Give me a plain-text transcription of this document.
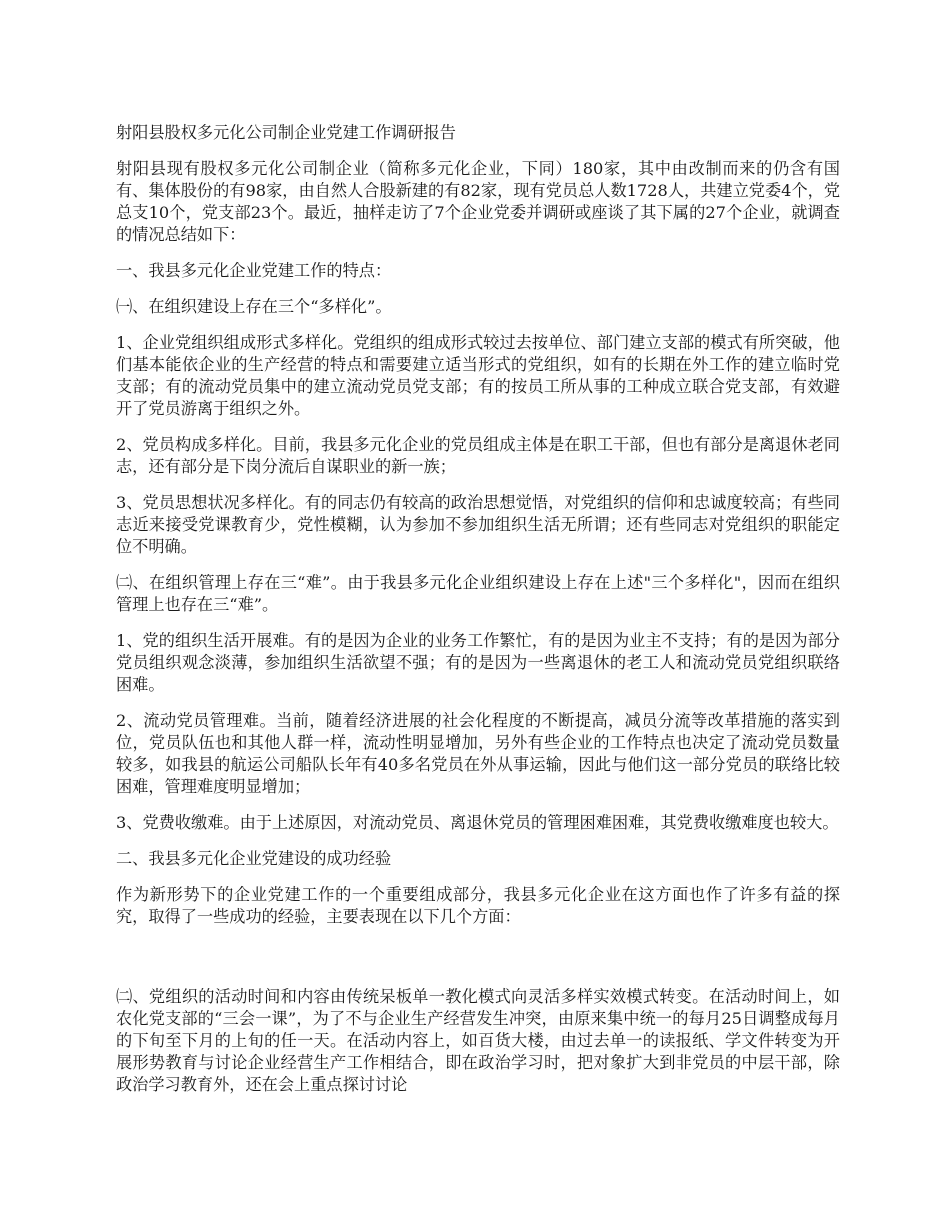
射阳县股权多元化公司制企业党建工作调研报告

射阳县现有股权多元化公司制企业（简称多元化企业，下同）180家，其中由改制而来的仍含有国有、集体股份的有98家，由自然人合股新建的有82家，现有党员总人数1728人，共建立党委4个，党总支10个，党支部23个。最近，抽样走访了7个企业党委并调研或座谈了其下属的27个企业，就调查的情况总结如下：

一、我县多元化企业党建工作的特点：

㈠、在组织建设上存在三个“多样化”。

1、企业党组织组成形式多样化。党组织的组成形式较过去按单位、部门建立支部的模式有所突破，他们基本能依企业的生产经营的特点和需要建立适当形式的党组织，如有的长期在外工作的建立临时党支部；有的流动党员集中的建立流动党员党支部；有的按员工所从事的工种成立联合党支部，有效避开了党员游离于组织之外。

2、党员构成多样化。目前，我县多元化企业的党员组成主体是在职工干部，但也有部分是离退休老同志，还有部分是下岗分流后自谋职业的新一族；

3、党员思想状况多样化。有的同志仍有较高的政治思想觉悟，对党组织的信仰和忠诚度较高；有些同志近来接受党课教育少，党性模糊，认为参加不参加组织生活无所谓；还有些同志对党组织的职能定位不明确。

㈡、在组织管理上存在三“难”。由于我县多元化企业组织建设上存在上述"三个多样化"，因而在组织管理上也存在三“难”。

1、党的组织生活开展难。有的是因为企业的业务工作繁忙，有的是因为业主不支持；有的是因为部分党员组织观念淡薄，参加组织生活欲望不强；有的是因为一些离退休的老工人和流动党员党组织联络困难。

2、流动党员管理难。当前，随着经济进展的社会化程度的不断提高，减员分流等改革措施的落实到位，党员队伍也和其他人群一样，流动性明显增加，另外有些企业的工作特点也决定了流动党员数量较多，如我县的航运公司船队长年有40多名党员在外从事运输，因此与他们这一部分党员的联络比较困难，管理难度明显增加；

3、党费收缴难。由于上述原因，对流动党员、离退休党员的管理困难困难，其党费收缴难度也较大。

二、我县多元化企业党建设的成功经验

作为新形势下的企业党建工作的一个重要组成部分，我县多元化企业在这方面也作了许多有益的探究，取得了一些成功的经验，主要表现在以下几个方面：

㈡、党组织的活动时间和内容由传统呆板单一教化模式向灵活多样实效模式转变。在活动时间上，如农化党支部的“三会一课”，为了不与企业生产经营发生冲突，由原来集中统一的每月25日调整成每月的下旬至下月的上旬的任一天。在活动内容上，如百货大楼，由过去单一的读报纸、学文件转变为开展形势教育与讨论企业经营生产工作相结合，即在政治学习时，把对象扩大到非党员的中层干部，除政治学习教育外，还在会上重点探讨讨论
